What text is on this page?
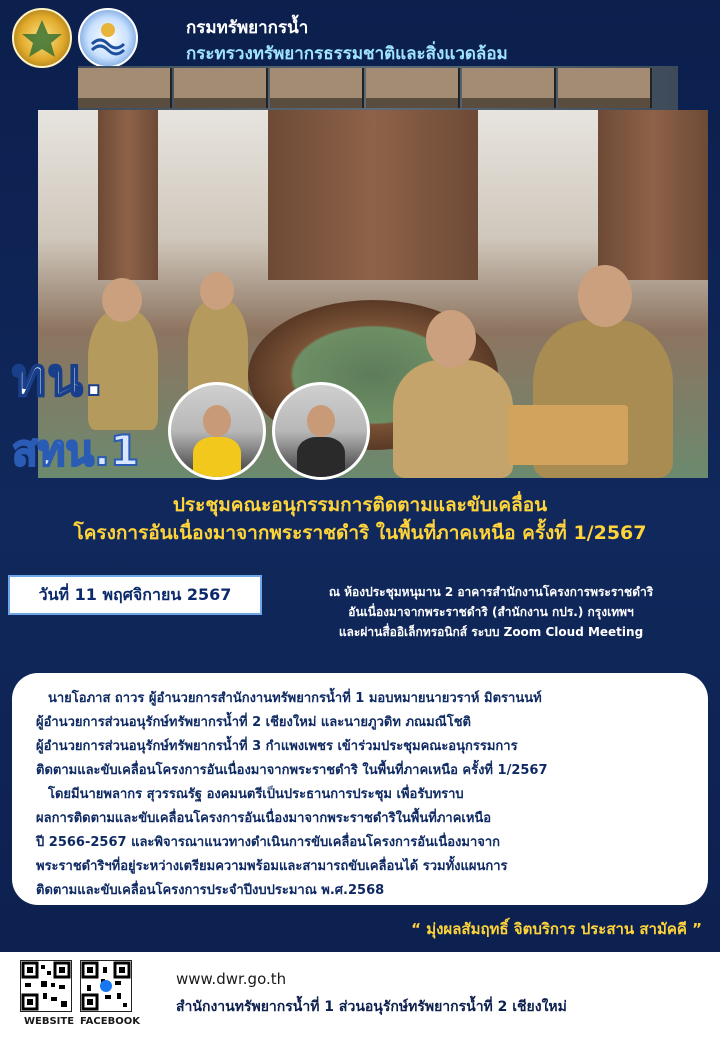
กรมทรัพยากรน้ำ
กระทรวงทรัพยากรธรรมชาติและสิ่งแวดล้อม
ทน.
สทน.1
ประชุมคณะอนุกรรมการติดตามและขับเคลื่อน
โครงการอันเนื่องมาจากพระราชดำริ ในพื้นที่ภาคเหนือ ครั้งที่ 1/2567
วันที่ 11 พฤศจิกายน 2567	ณ ห้องประชุมหนุมาน 2 อาคารสำนักงานโครงการพระราชดำริ
อันเนื่องมาจากพระราชดำริ (สำนักงาน กปร.) กรุงเทพฯ
และผ่านสื่ออิเล็กทรอนิกส์ ระบบ Zoom Cloud Meeting
นายโอภาส ถาวร ผู้อำนวยการสำนักงานทรัพยากรน้ำที่ 1 มอบหมายนายวราห์ มิตรานนท์
ผู้อำนวยการส่วนอนุรักษ์ทรัพยากรน้ำที่ 2 เชียงใหม่ และนายภูวดิท ภณมณีโชติ
ผู้อำนวยการส่วนอนุรักษ์ทรัพยากรน้ำที่ 3 กำแพงเพชร เข้าร่วมประชุมคณะอนุกรรมการ
ติดตามและขับเคลื่อนโครงการอันเนื่องมาจากพระราชดำริ ในพื้นที่ภาคเหนือ ครั้งที่ 1/2567
โดยมีนายพลากร สุวรรณรัฐ องคมนตรีเป็นประธานการประชุม เพื่อรับทราบ
ผลการติดตามและขับเคลื่อนโครงการอันเนื่องมาจากพระราชดำริในพื้นที่ภาคเหนือ
ปี 2566-2567 และพิจารณาแนวทางดำเนินการขับเคลื่อนโครงการอันเนื่องมาจาก
พระราชดำริฯที่อยู่ระหว่างเตรียมความพร้อมและสามารถขับเคลื่อนได้ รวมทั้งแผนการ
ติดตามและขับเคลื่อนโครงการประจำปีงบประมาณ พ.ศ.2568
“ มุ่งผลสัมฤทธิ์ จิตบริการ ประสาน สามัคคี ”
WEBSITE FACEBOOK
www.dwr.go.th
สำนักงานทรัพยากรน้ำที่ 1 ส่วนอนุรักษ์ทรัพยากรน้ำที่ 2 เชียงใหม่
